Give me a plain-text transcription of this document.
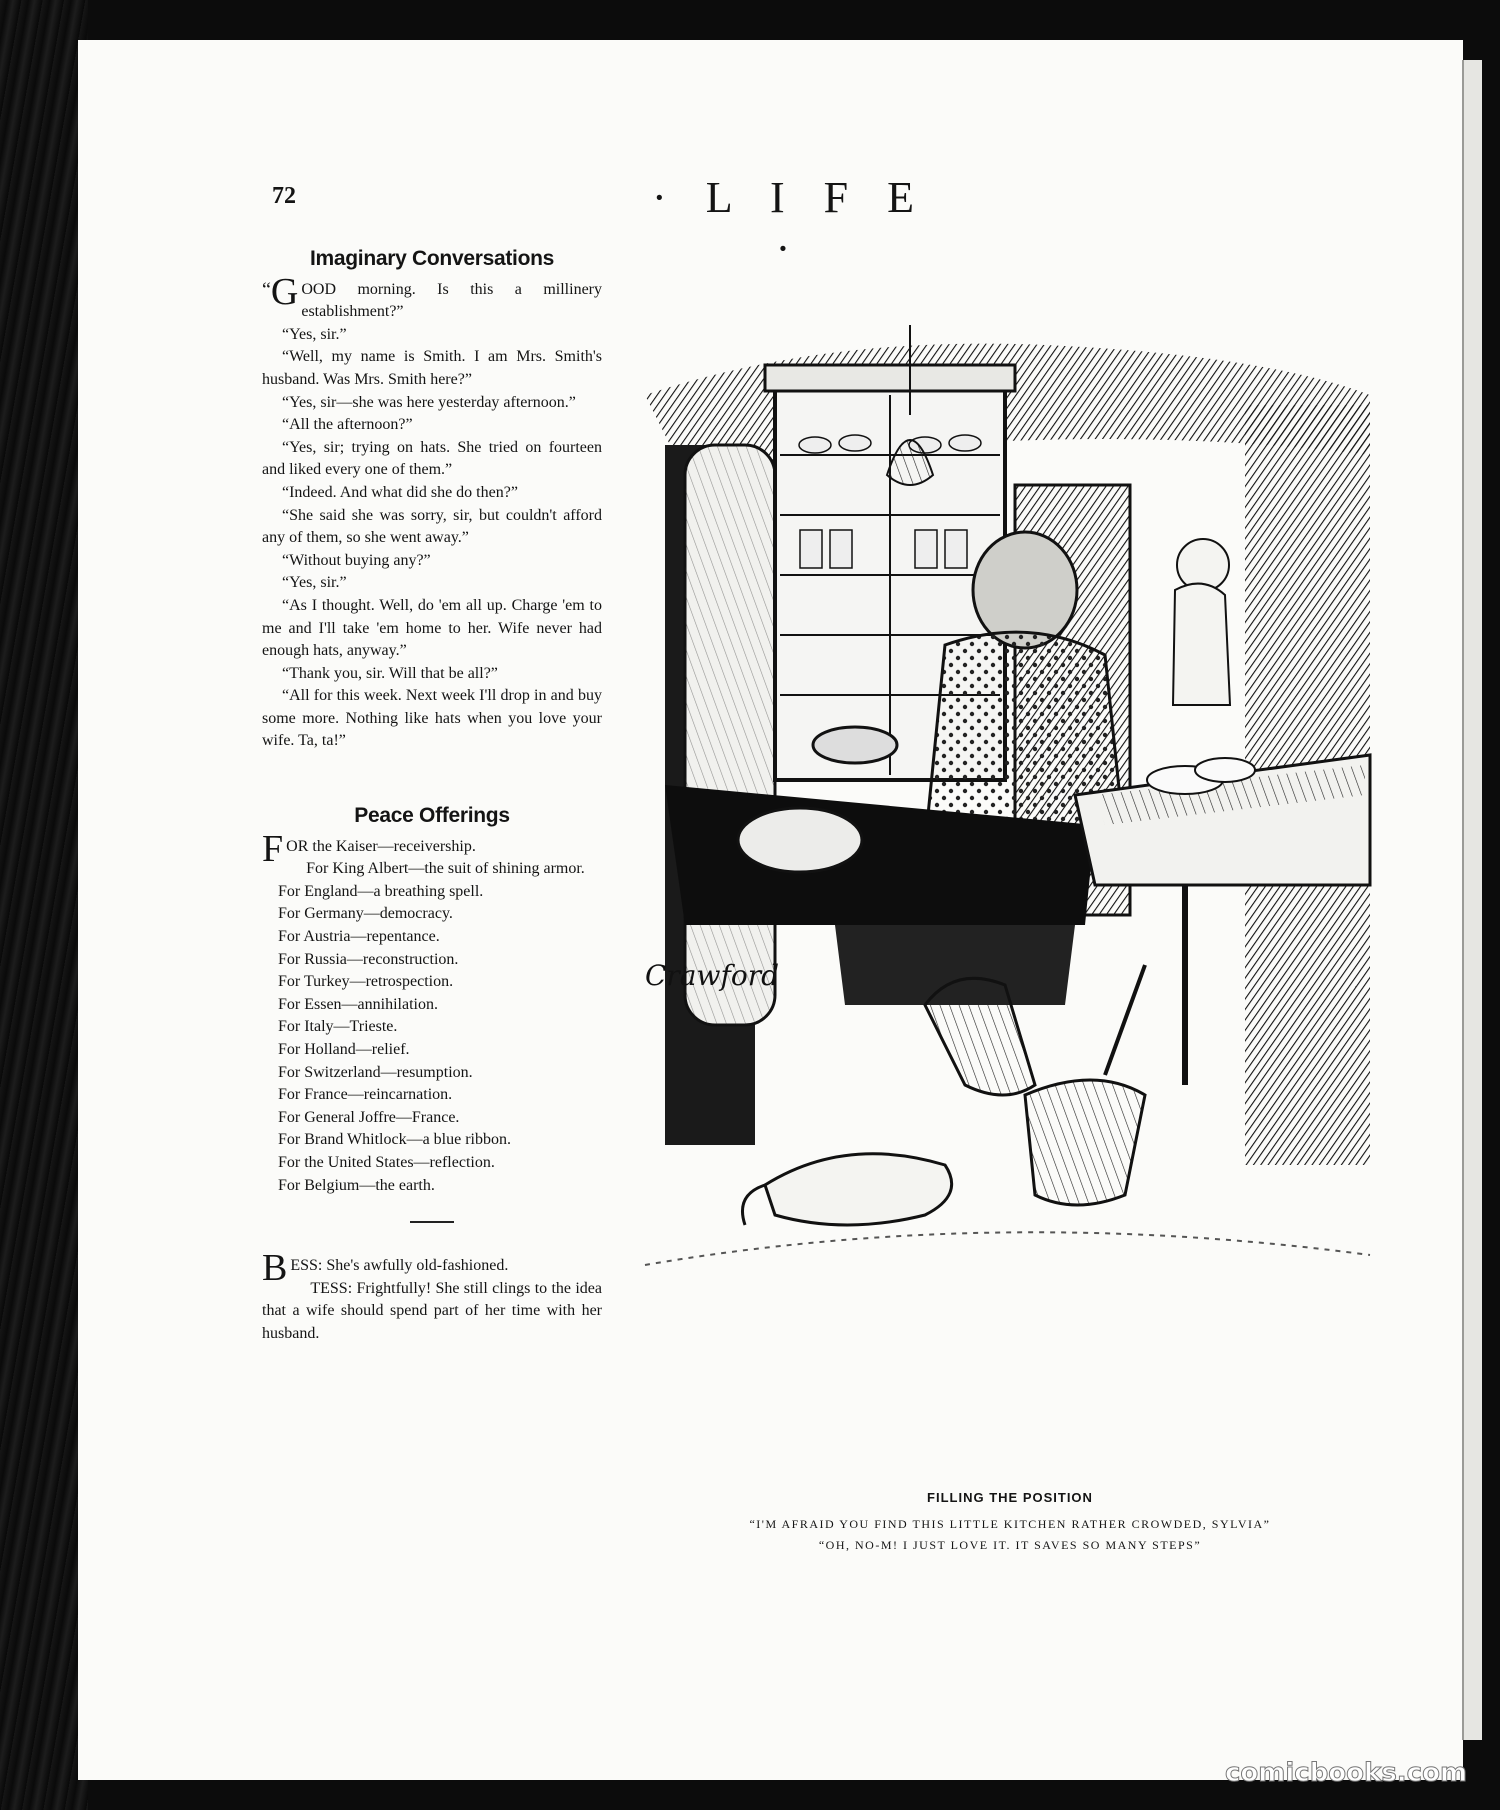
72	· L I F E ·

Imaginary Conversations

“ G OOD morning. Is this a millinery establishment?”

“Yes, sir.”

“Well, my name is Smith. I am Mrs. Smith's husband. Was Mrs. Smith here?”

“Yes, sir—she was here yesterday afternoon.”

“All the afternoon?”

“Yes, sir; trying on hats. She tried on fourteen and liked every one of them.”

“Indeed. And what did she do then?”

“She said she was sorry, sir, but couldn't afford any of them, so she went away.”

“Without buying any?”

“Yes, sir.”

“As I thought. Well, do 'em all up. Charge 'em to me and I'll take 'em home to her. Wife never had enough hats, anyway.”

“Thank you, sir. Will that be all?”

“All for this week. Next week I'll drop in and buy some more. Nothing like hats when you love your wife. Ta, ta!”

Peace Offerings

FOR the Kaiser—receivership.

For King Albert—the suit of shining armor.

For England—a breathing spell.

For Germany—democracy.

For Austria—repentance.

For Russia—reconstruction.

For Turkey—retrospection.

For Essen—annihilation.

For Italy—Trieste.

For Holland—relief.

For Switzerland—resumption.

For France—reincarnation.

For General Joffre—France.

For Brand Whitlock—a blue ribbon.

For the United States—reflection.

For Belgium—the earth.

BESS: She's awfully old-fashioned.

TESS: Frightfully! She still clings to the idea that a wife should spend part of her time with her husband.

Crawford

FILLING THE POSITION

“I'M AFRAID YOU FIND THIS LITTLE KITCHEN RATHER CROWDED, SYLVIA”

“OH, NO-M! I JUST LOVE IT. IT SAVES SO MANY STEPS”

comicbooks.com
